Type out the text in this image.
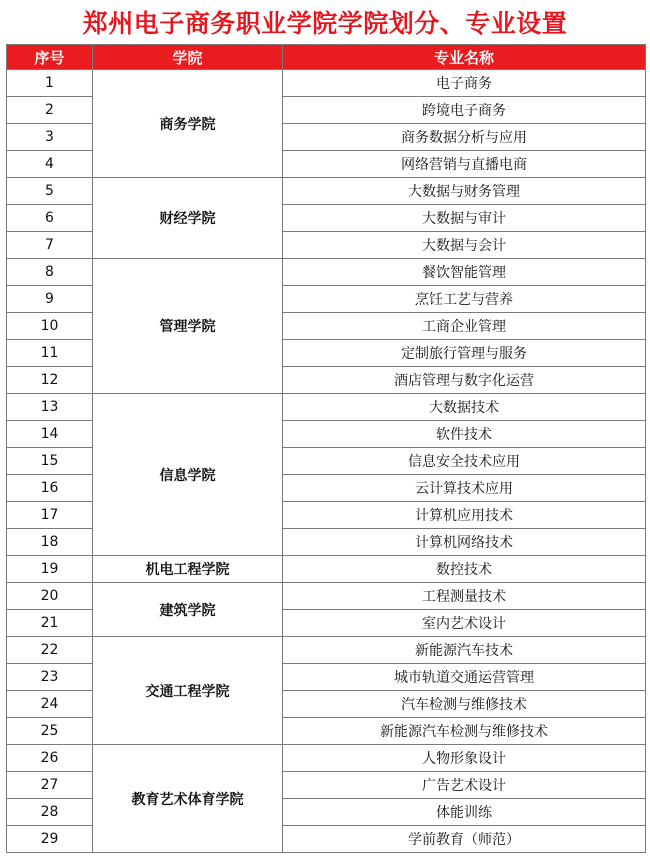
郑州电子商务职业学院学院划分、专业设置
序号	学院	专业名称
1	商务学院	电子商务
2		跨境电子商务
3		商务数据分析与应用
4		网络营销与直播电商
5	财经学院	大数据与财务管理
6		大数据与审计
7		大数据与会计
8	管理学院	餐饮智能管理
9		烹饪工艺与营养
10		工商企业管理
11		定制旅行管理与服务
12		酒店管理与数字化运营
13	信息学院	大数据技术
14		软件技术
15		信息安全技术应用
16		云计算技术应用
17		计算机应用技术
18		计算机网络技术
19	机电工程学院	数控技术
20	建筑学院	工程测量技术
21		室内艺术设计
22	交通工程学院	新能源汽车技术
23		城市轨道交通运营管理
24		汽车检测与维修技术
25		新能源汽车检测与维修技术
26	教育艺术体育学院	人物形象设计
27		广告艺术设计
28		体能训练
29		学前教育（师范）
